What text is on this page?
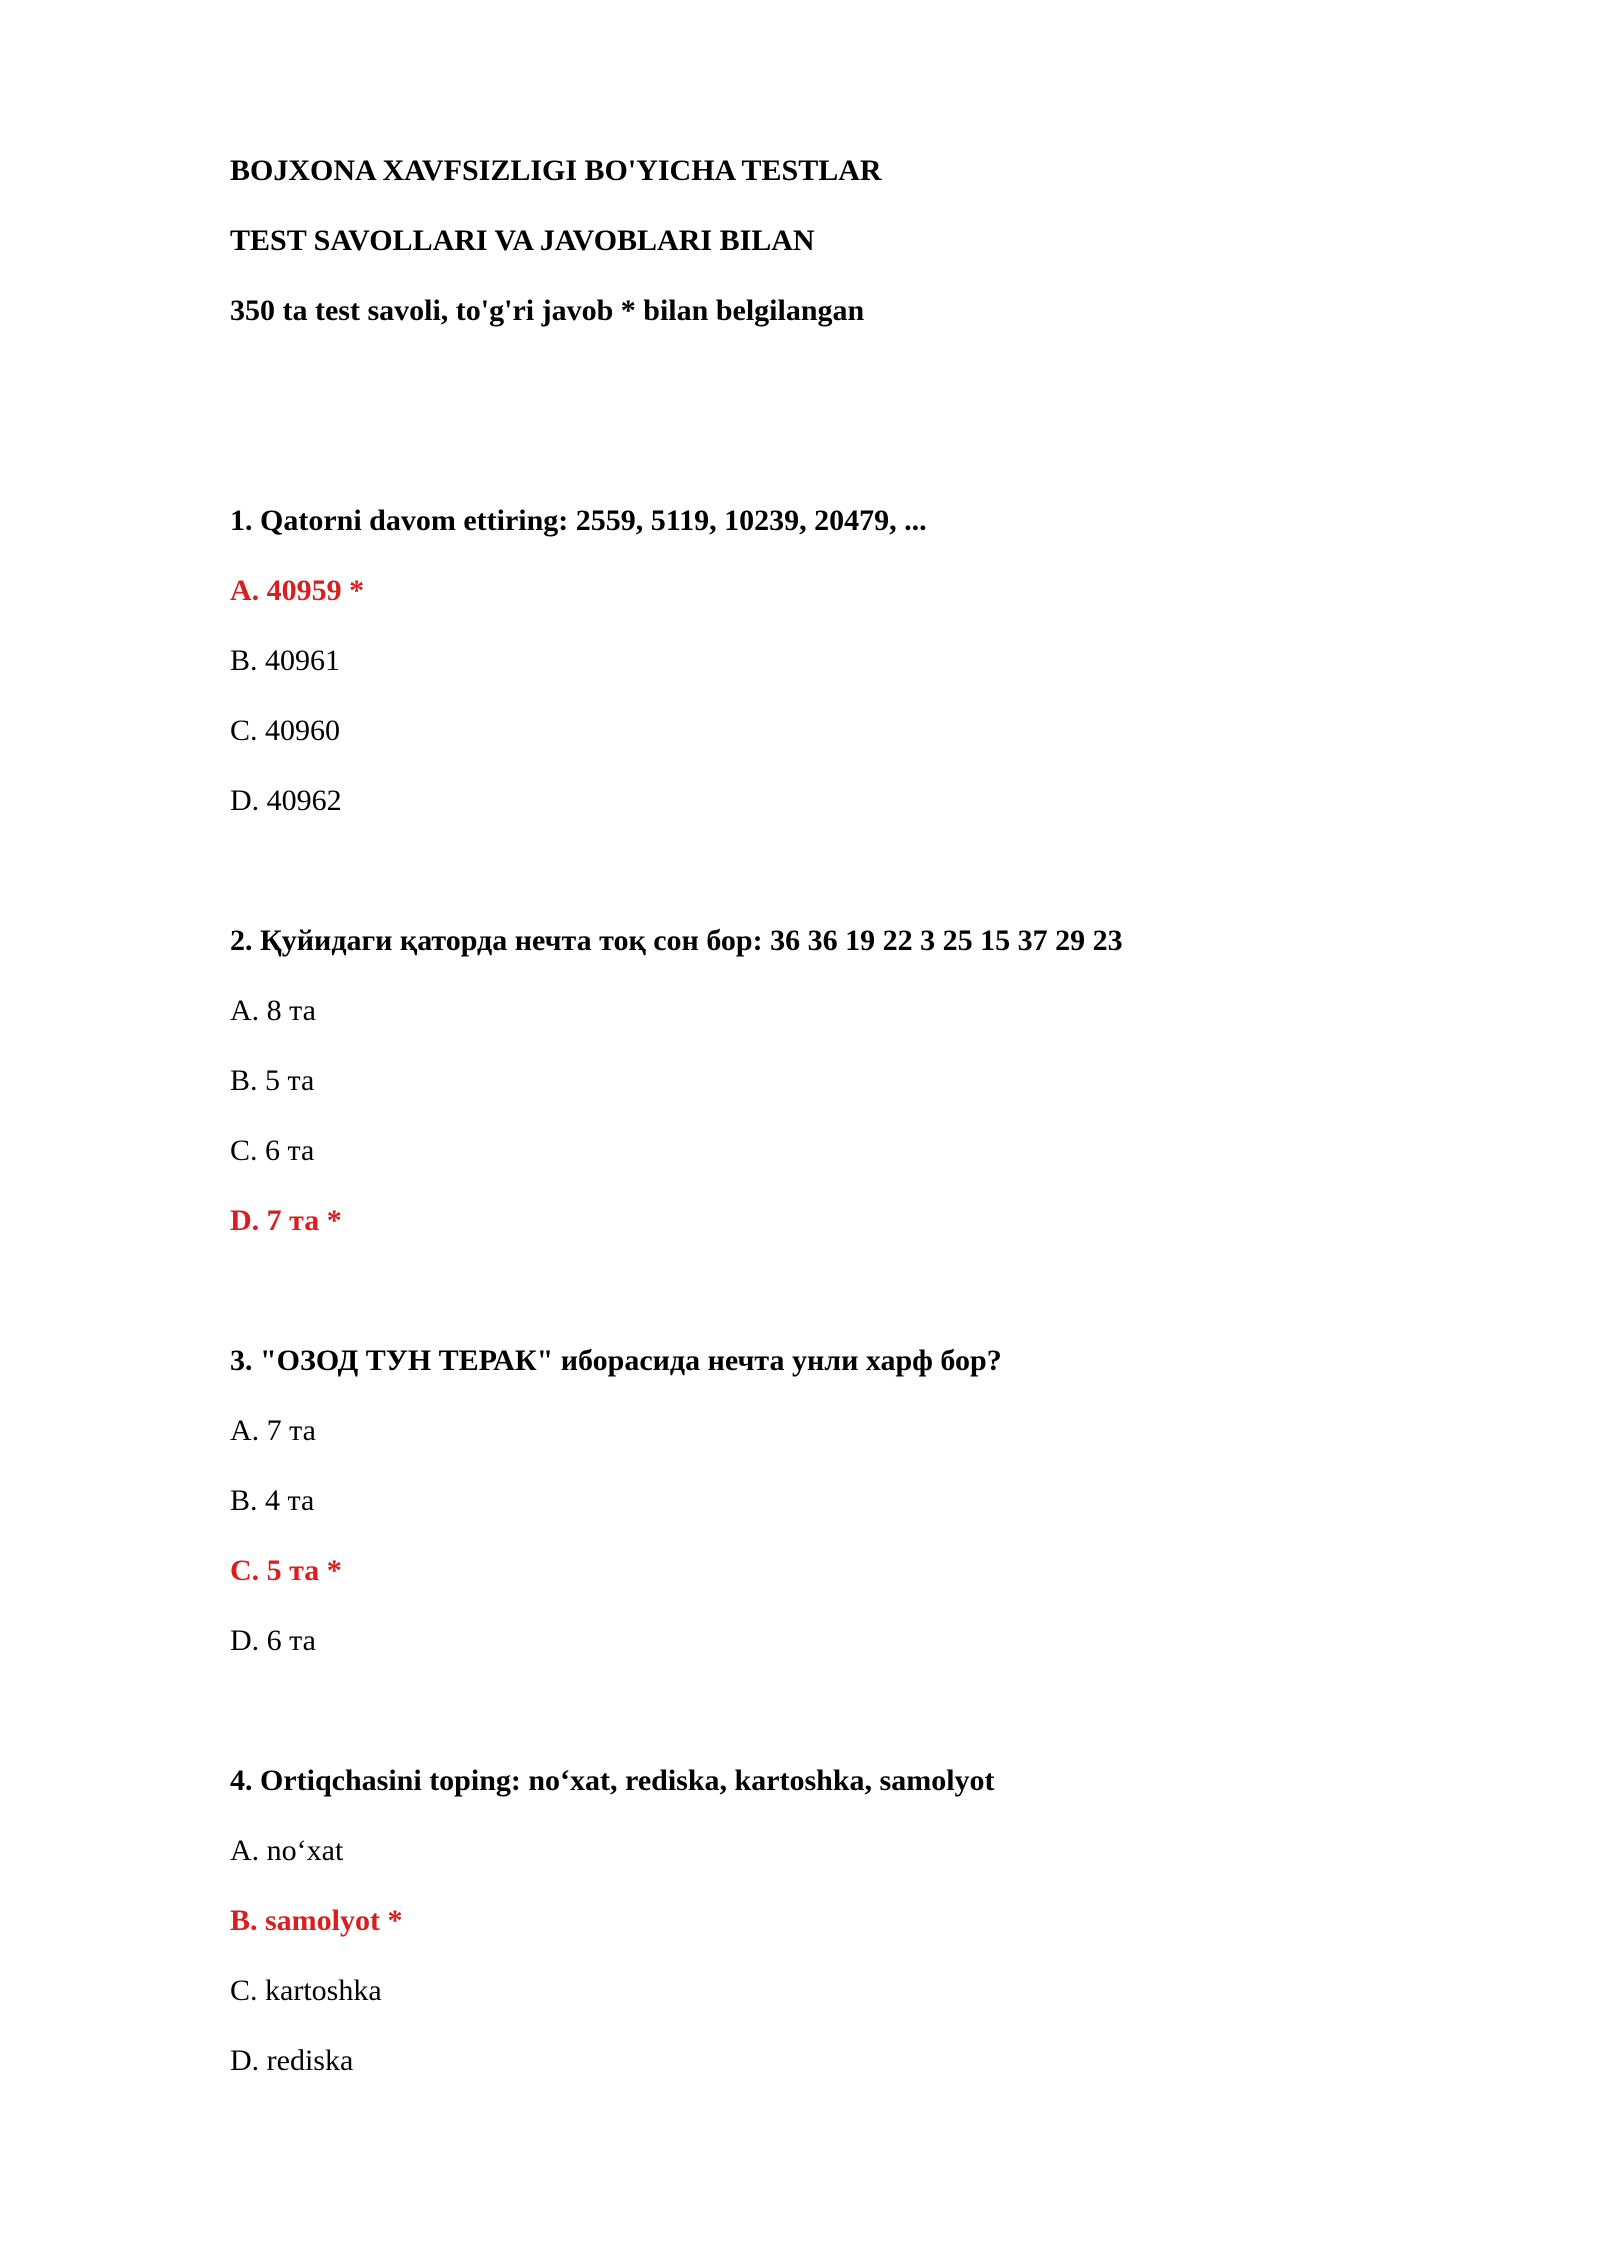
BOJXONA XAVFSIZLIGI BO'YICHA TESTLAR

TEST SAVOLLARI VA JAVOBLARI BILAN

350 ta test savoli, to'g'ri javob * bilan belgilangan

1. Qatorni davom ettiring: 2559, 5119, 10239, 20479, ...

A. 40959 *

B. 40961

C. 40960

D. 40962

2. Қуйидаги қаторда нечта тоқ сон бор: 36 36 19 22 3 25 15 37 29 23

A. 8 та

B. 5 та

C. 6 та

D. 7 та *

3. "ОЗОД ТУН ТЕРАК" иборасида нечта унли харф бор?

A. 7 та

B. 4 та

C. 5 та *

D. 6 та

4. Ortiqchasini toping: no‘xat, rediska, kartoshka, samolyot

A. no‘xat

B. samolyot *

C. kartoshka

D. rediska
